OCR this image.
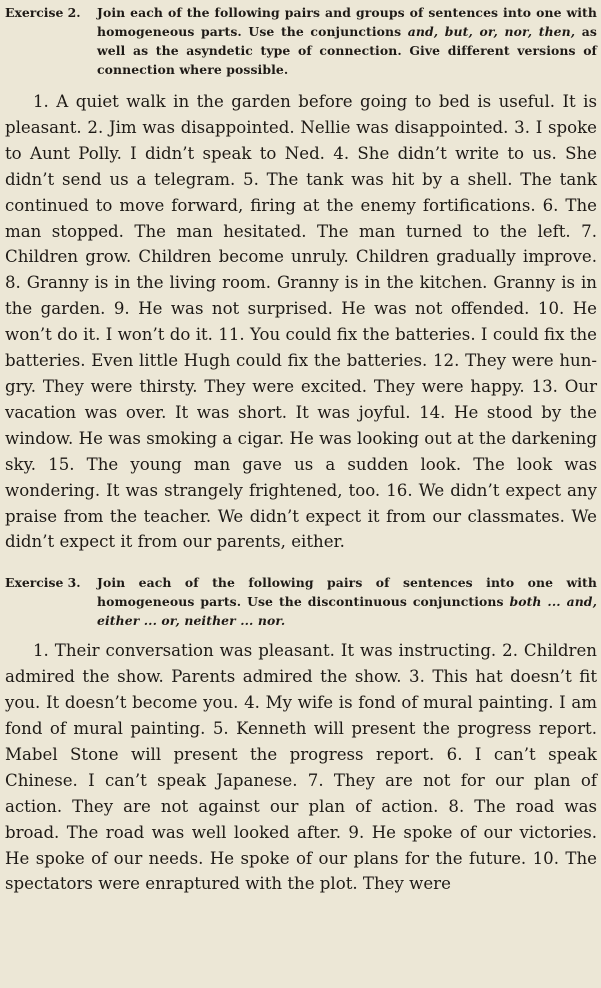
Exercise 2.	Join each of the following pairs and groups of sentences into one with homogeneous parts. Use the conjunctions and, but, or, nor, then, as well as the asyndetic type of connection. Give different versions of connection where possible.

1. A quiet walk in the garden before going to bed is useful. It is pleasant. 2. Jim was disappointed. Nellie was disappointed. 3. I spoke to Aunt Polly. I didn’t speak to Ned. 4. She didn’t write to us. She didn’t send us a telegram. 5. The tank was hit by a shell. The tank continued to move forward, firing at the enemy fortifications. 6. The man stopped. The man hesitated. The man turned to the left. 7. Children grow. Children become unruly. Children gradually improve. 8. Granny is in the living room. Granny is in the kitchen. Granny is in the garden. 9. He was not surprised. He was not offended. 10. He won’t do it. I won’t do it. 11. You could fix the batteries. I could fix the batteries. Even little Hugh could fix the batteries. 12. They were hungry. They were thirsty. They were excited. They were happy. 13. Our vacation was over. It was short. It was joyful. 14. He stood by the window. He was smoking a cigar. He was looking out at the darkening sky. 15. The young man gave us a sudden look. The look was wondering. It was strangely frightened, too. 16. We didn’t expect any praise from the teacher. We didn’t expect it from our classmates. We didn’t expect it from our parents, either.

Exercise 3.	Join each of the following pairs of sentences into one with homogeneous parts. Use the discontinuous conjunctions both ... and, either ... or, neither ... nor.

1. Their conversation was pleasant. It was instructing. 2. Children admired the show. Parents admired the show. 3. This hat doesn’t fit you. It doesn’t become you. 4. My wife is fond of mural painting. I am fond of mural painting. 5. Kenneth will present the progress report. Mabel Stone will present the progress report. 6. I can’t speak Chinese. I can’t speak Japanese. 7. They are not for our plan of action. They are not against our plan of action. 8. The road was broad. The road was well looked after. 9. He spoke of our victories. He spoke of our needs. He spoke of our plans for the future. 10. The spectators were enraptured with the plot. They were
